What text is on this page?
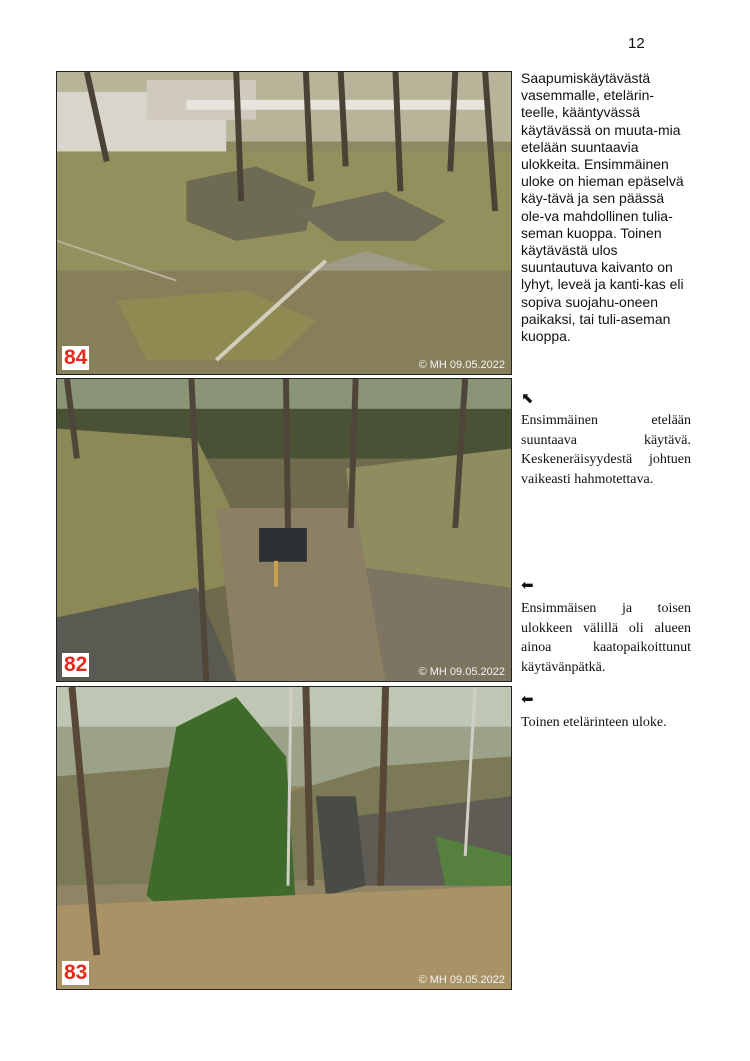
12
84	© MH 09.05.2022
82	© MH 09.05.2022
83	© MH 09.05.2022

Saapumiskäytävästä vasemmalle, etelärin-teelle, kääntyvässä käytävässä on muuta-mia etelään suuntaavia ulokkeita. Ensimmäinen uloke on hieman epäselvä käy-tävä ja sen päässä ole-va mahdollinen tulia-seman kuoppa. Toinen käytävästä ulos suuntautuva kaivanto on lyhyt, leveä ja kanti-kas eli sopiva suojahu-oneen paikaksi, tai tuli-aseman kuoppa.

⬉

Ensimmäinen etelään suuntaava käytävä. Keskeneräisyydestä johtuen vaikeasti hahmotettava.

⬅

Ensimmäisen ja toisen ulokkeen välillä oli alueen ainoa kaatopaikoittunut käytävänpätkä.

⬅

Toinen etelärinteen uloke.
